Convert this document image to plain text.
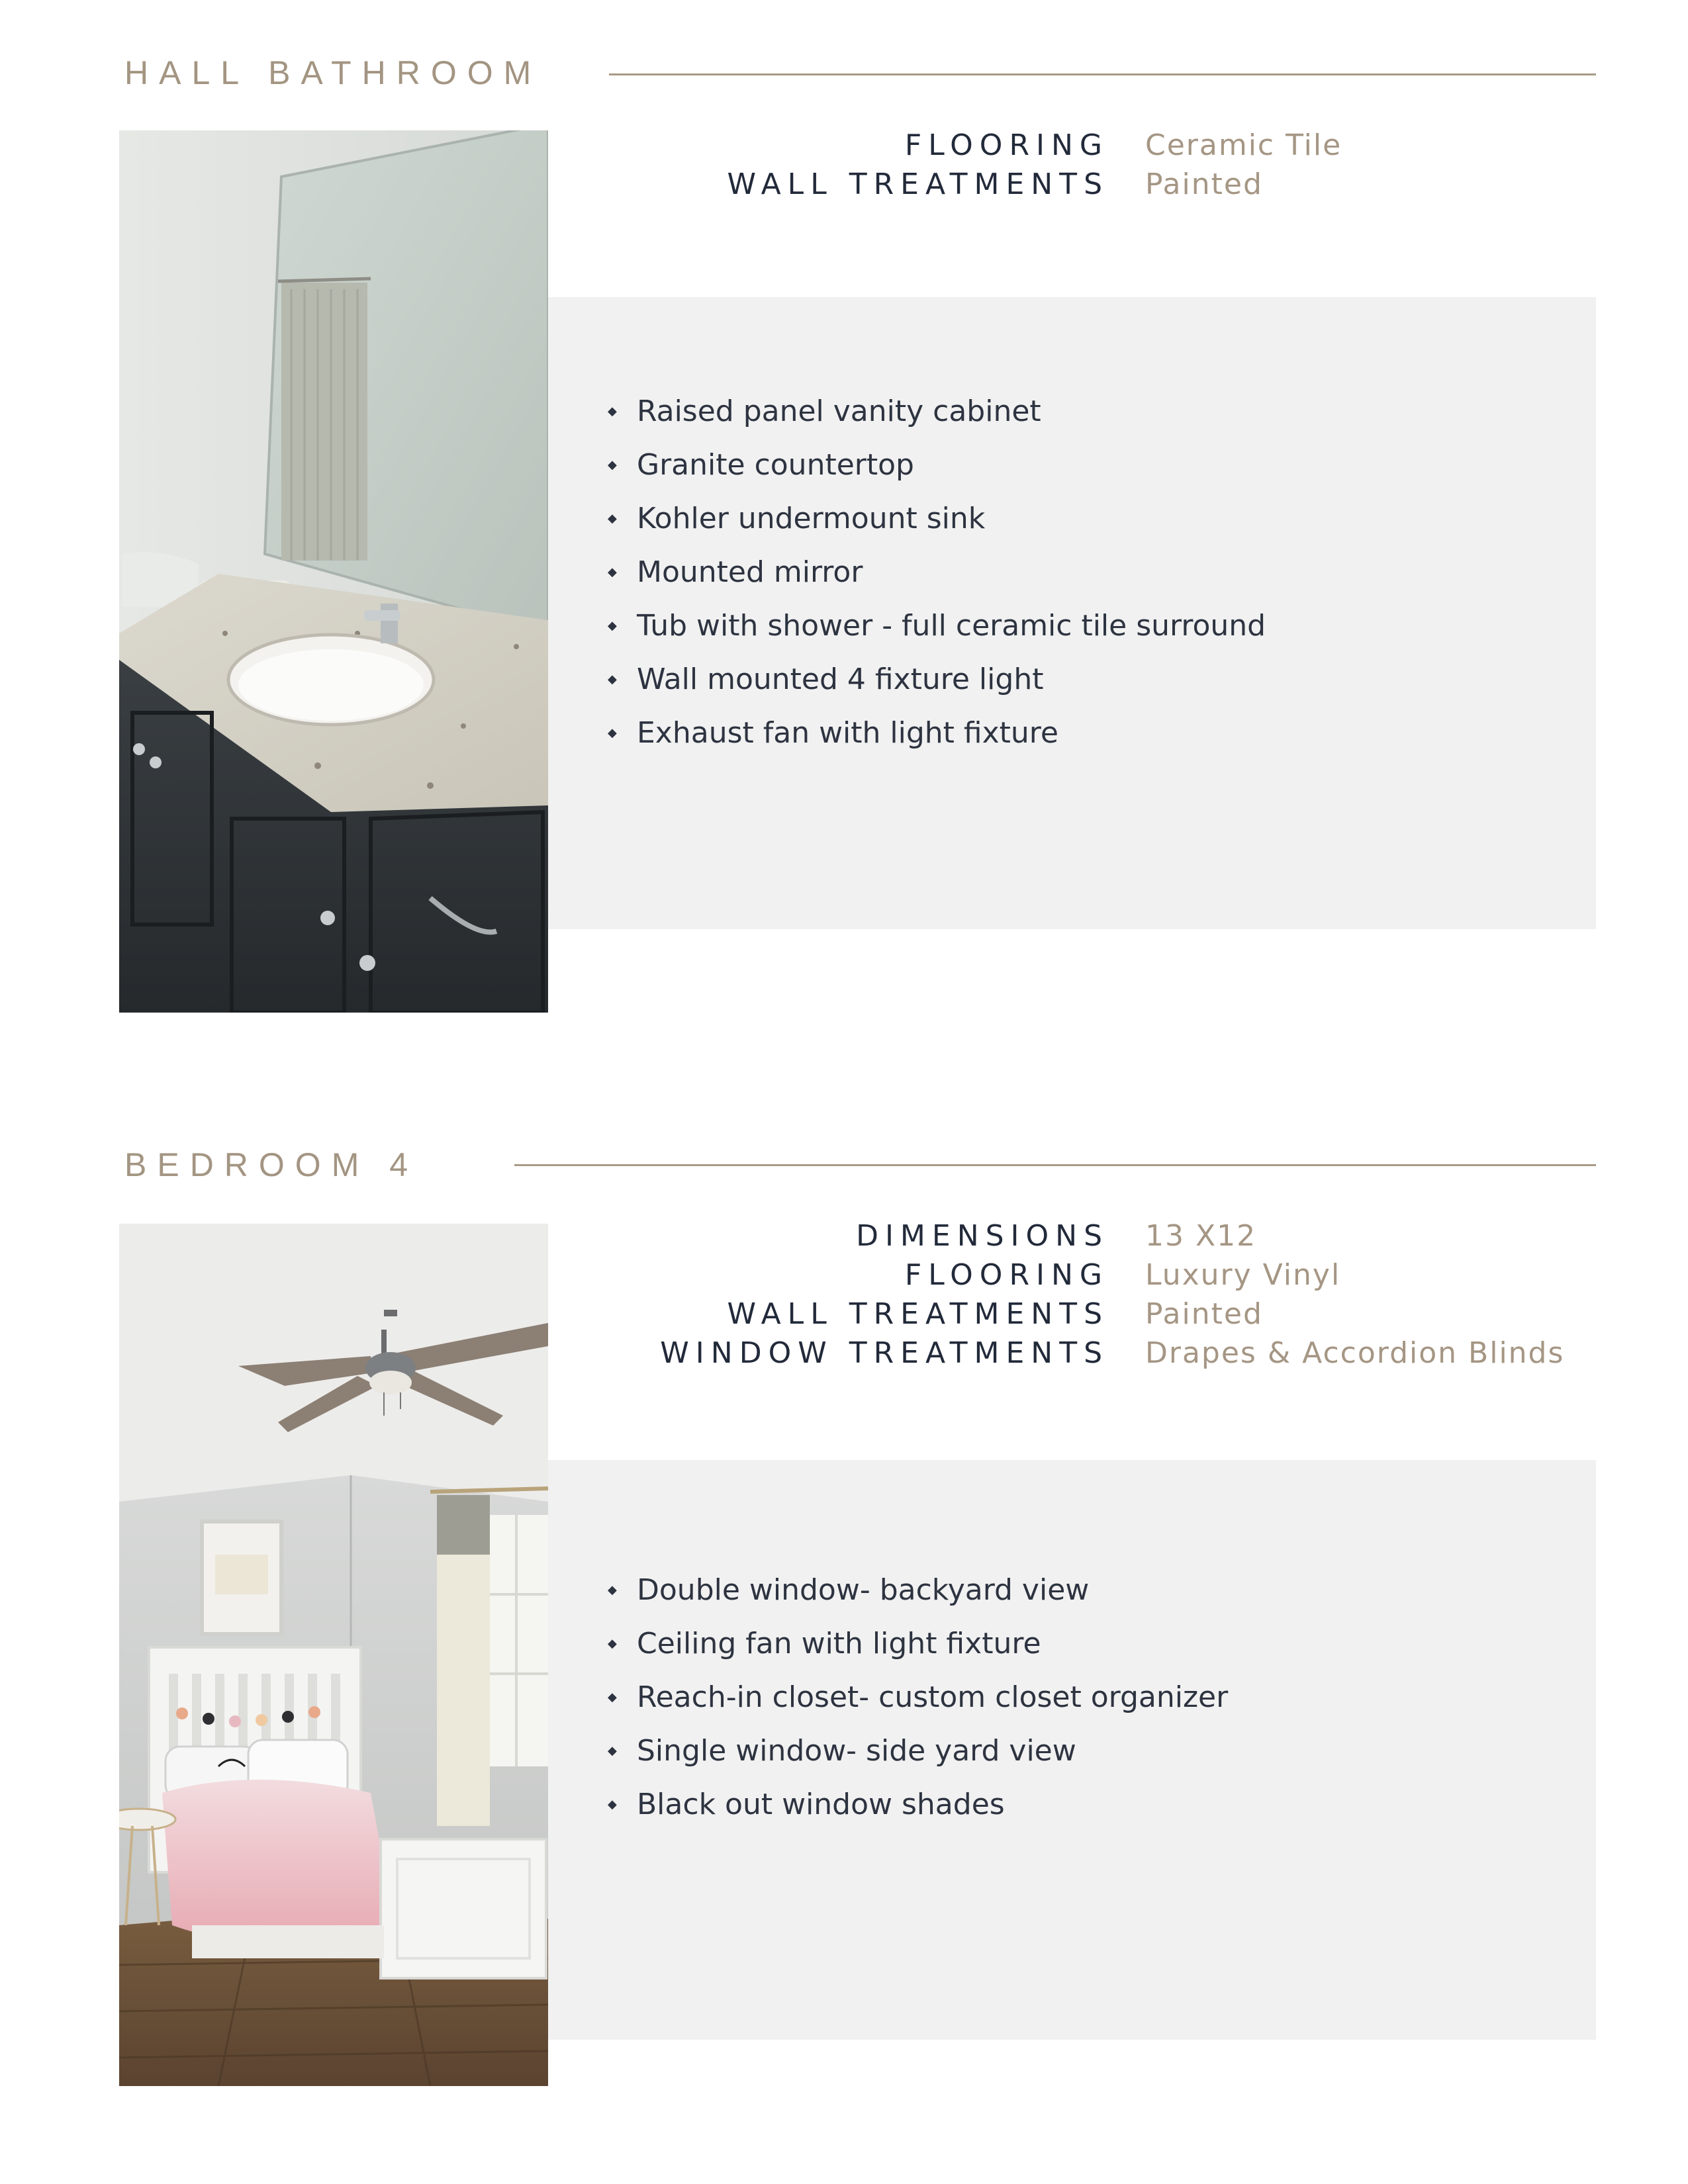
HALL BATHROOM
FLOORING Ceramic Tile
WALL TREATMENTS Painted
◆ Raised panel vanity cabinet
◆ Granite countertop
◆ Kohler undermount sink
◆ Mounted mirror
◆ Tub with shower - full ceramic tile surround
◆ Wall mounted 4 fixture light
◆ Exhaust fan with light fixture
BEDROOM 4
DIMENSIONS 13 X12
FLOORING Luxury Vinyl
WALL TREATMENTS Painted
WINDOW TREATMENTS Drapes & Accordion Blinds
◆ Double window- backyard view
◆ Ceiling fan with light fixture
◆ Reach-in closet- custom closet organizer
◆ Single window- side yard view
◆ Black out window shades
